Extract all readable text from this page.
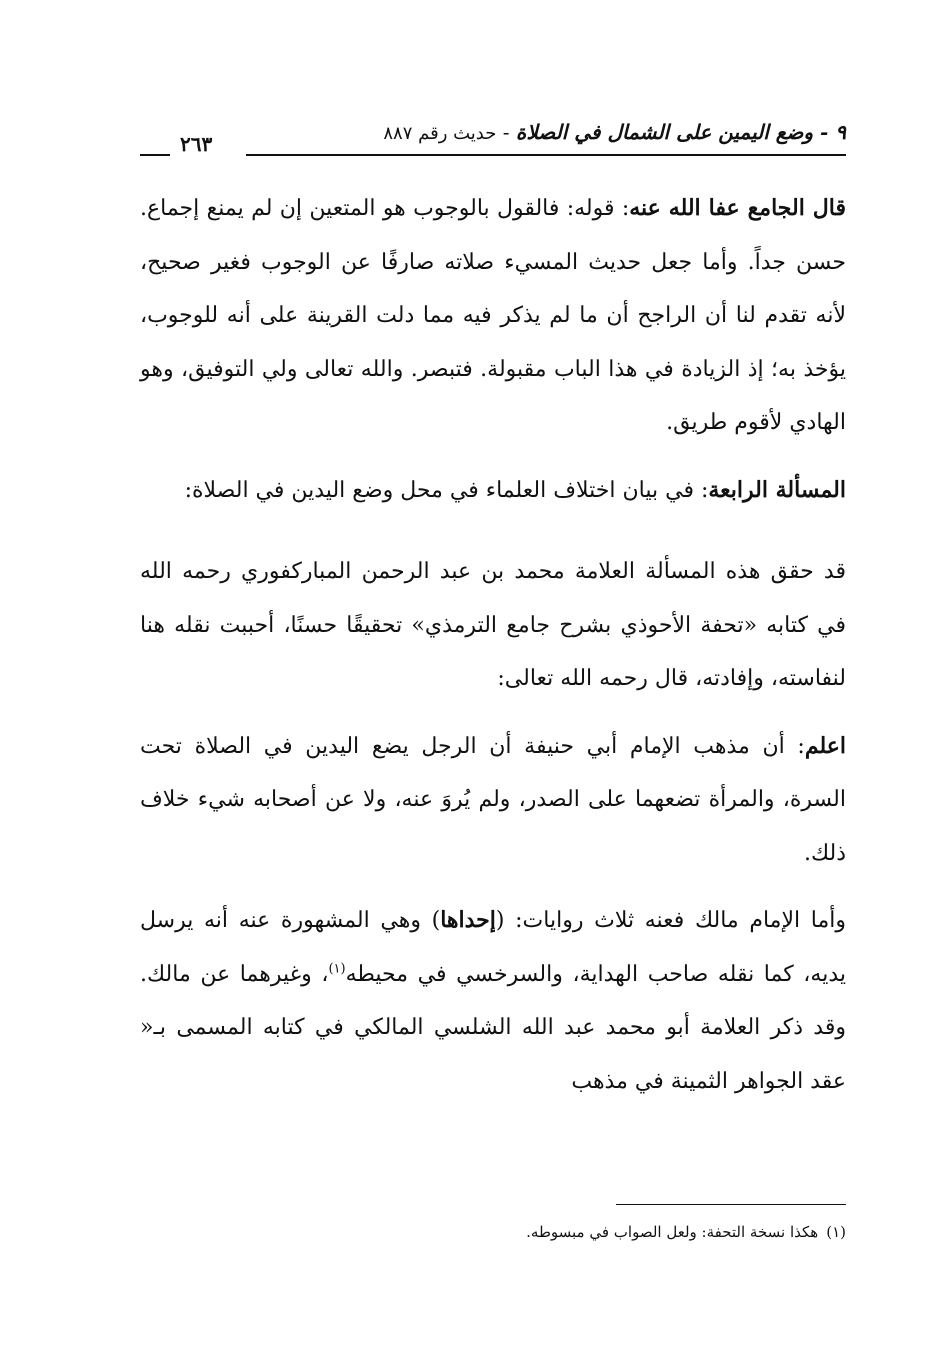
٩ - وضع اليمين على الشمال في الصلاة - حديث رقم ٨٨٧
٢٦٣

قال الجامع عفا الله عنه: قوله: فالقول بالوجوب هو المتعين إن لم يمنع إجماع. حسن جداً. وأما جعل حديث المسيء صلاته صارفًا عن الوجوب فغير صحيح، لأنه تقدم لنا أن الراجح أن ما لم يذكر فيه مما دلت القرينة على أنه للوجوب، يؤخذ به؛ إذ الزيادة في هذا الباب مقبولة. فتبصر. والله تعالى ولي التوفيق، وهو الهادي لأقوم طريق.

المسألة الرابعة: في بيان اختلاف العلماء في محل وضع اليدين في الصلاة:

قد حقق هذه المسألة العلامة محمد بن عبد الرحمن المباركفوري رحمه الله في كتابه «تحفة الأحوذي بشرح جامع الترمذي» تحقيقًا حسنًا، أحببت نقله هنا لنفاسته، وإفادته، قال رحمه الله تعالى:

اعلم: أن مذهب الإمام أبي حنيفة أن الرجل يضع اليدين في الصلاة تحت السرة، والمرأة تضعهما على الصدر، ولم يُروَ عنه، ولا عن أصحابه شيء خلاف ذلك.

وأما الإمام مالك فعنه ثلاث روايات: (إحداها) وهي المشهورة عنه أنه يرسل يديه، كما نقله صاحب الهداية، والسرخسي في محيطه$^{(١)}$، وغيرهما عن مالك. وقد ذكر العلامة أبو محمد عبد الله الشلسي المالكي في كتابه المسمى بـ« عقد الجواهر الثمينة في مذهب

(١)هكذا نسخة التحفة: ولعل الصواب في مبسوطه.
